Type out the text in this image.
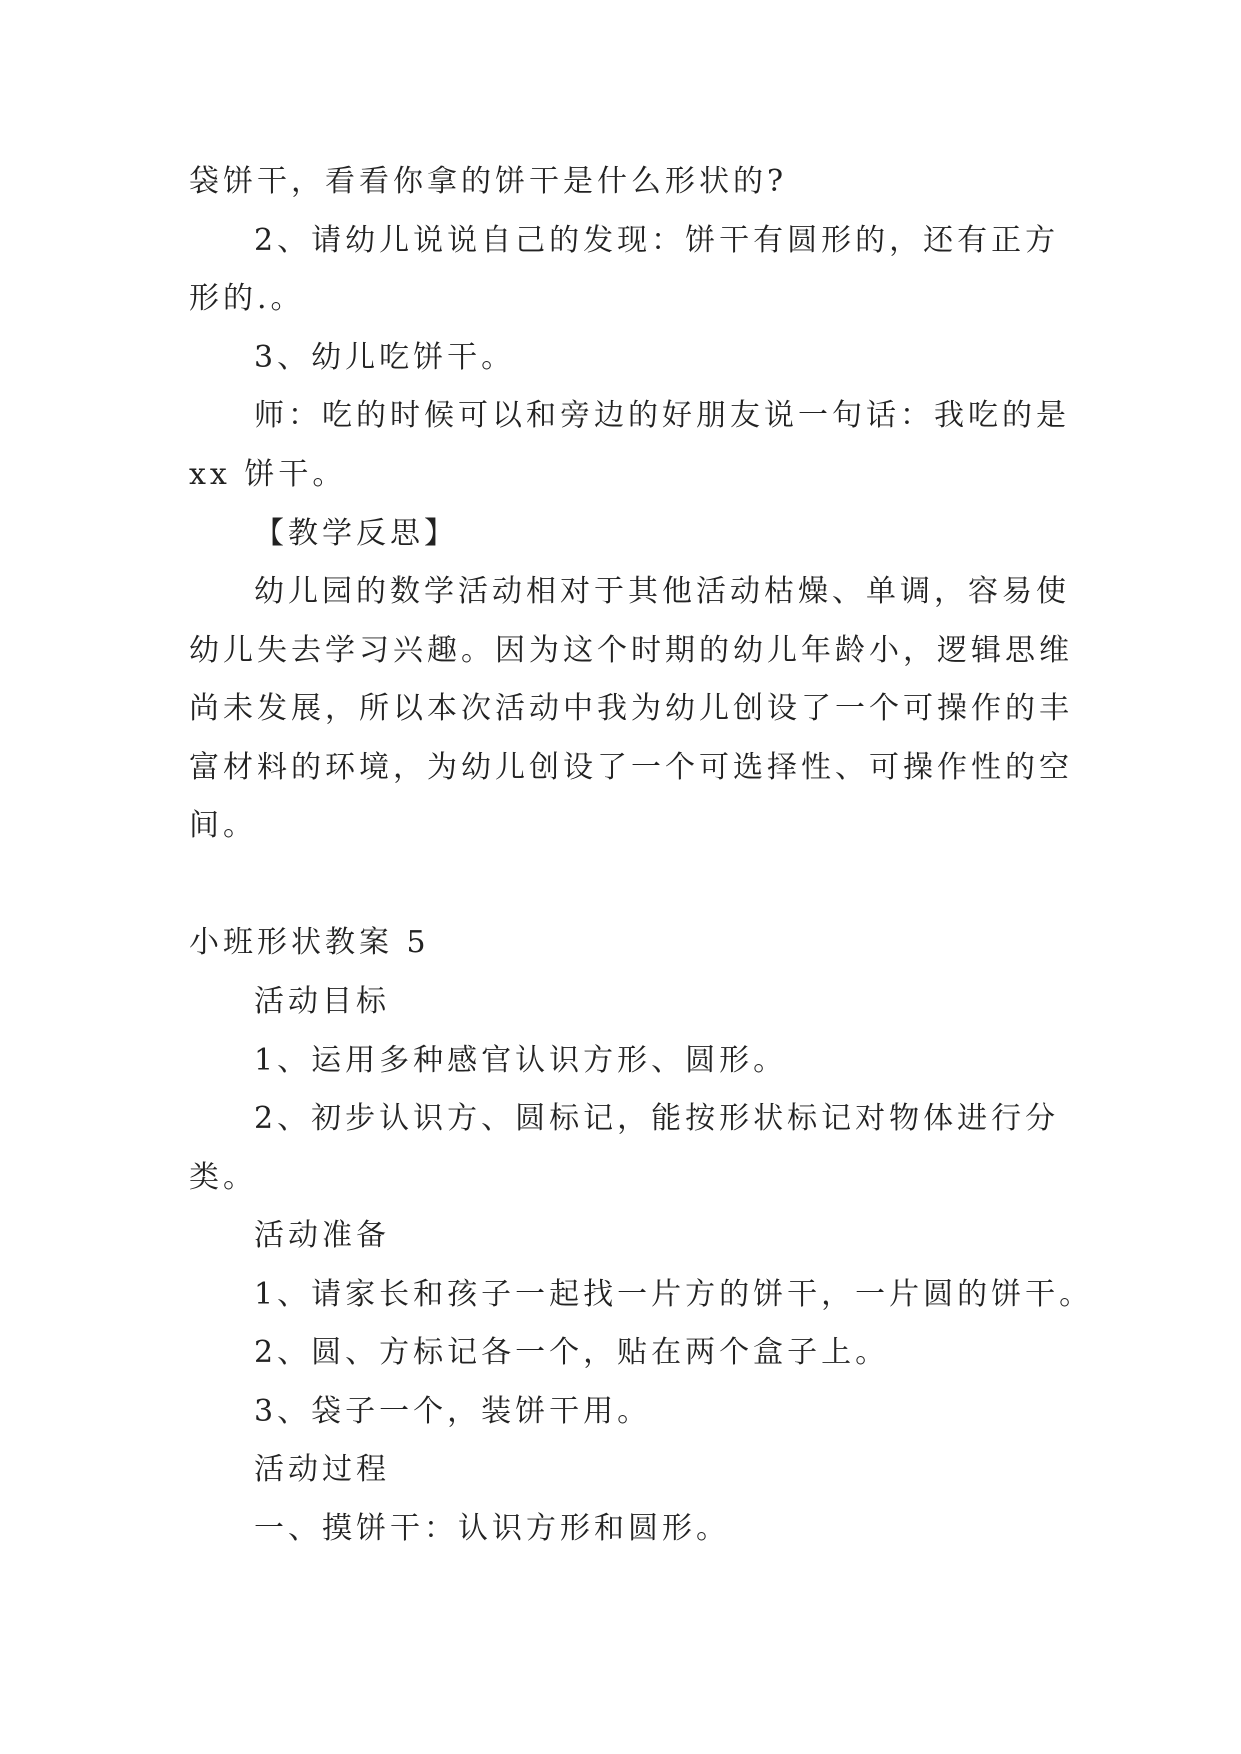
袋饼干，看看你拿的饼干是什么形状的?
2、请幼儿说说自己的发现：饼干有圆形的，还有正方
形的.。
3、幼儿吃饼干。
师：吃的时候可以和旁边的好朋友说一句话：我吃的是
xx 饼干。
【教学反思】
幼儿园的数学活动相对于其他活动枯燥、单调，容易使
幼儿失去学习兴趣。因为这个时期的幼儿年龄小，逻辑思维
尚未发展，所以本次活动中我为幼儿创设了一个可操作的丰
富材料的环境，为幼儿创设了一个可选择性、可操作性的空
间。
小班形状教案 5
活动目标
1、运用多种感官认识方形、圆形。
2、初步认识方、圆标记，能按形状标记对物体进行分
类。
活动准备
1、请家长和孩子一起找一片方的饼干，一片圆的饼干。
2、圆、方标记各一个，贴在两个盒子上。
3、袋子一个，装饼干用。
活动过程
一、摸饼干：认识方形和圆形。
